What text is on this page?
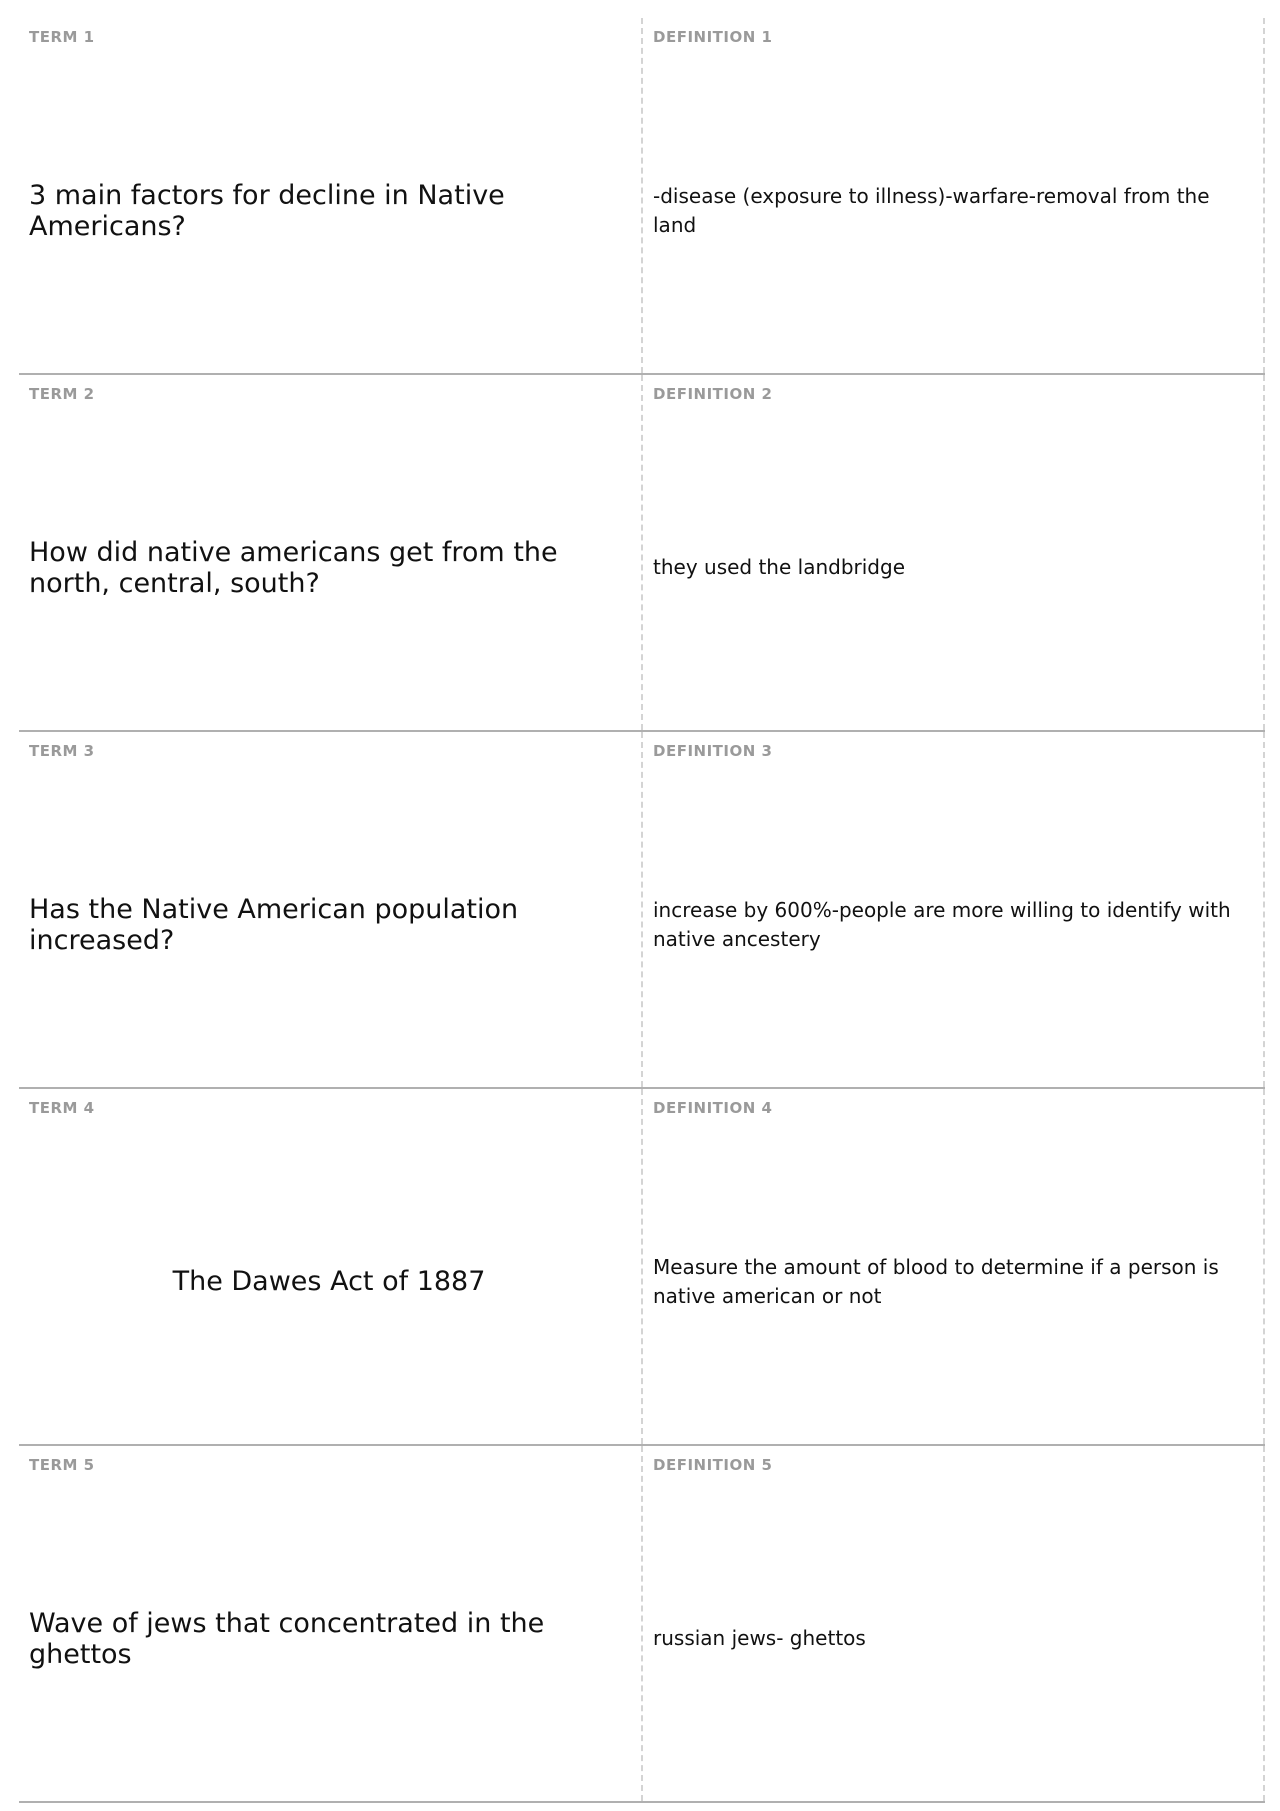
TERM 1
3 main factors for decline in Native Americans?
DEFINITION 1
-disease (exposure to illness)-warfare-removal from the land
TERM 2
How did native americans get from the north, central, south?
DEFINITION 2
they used the landbridge
TERM 3
Has the Native American population increased?
DEFINITION 3
increase by 600%-people are more willing to identify with native ancestery
TERM 4
The Dawes Act of 1887
DEFINITION 4
Measure the amount of blood to determine if a person is native american or not
TERM 5
Wave of jews that concentrated in the ghettos
DEFINITION 5
russian jews- ghettos
